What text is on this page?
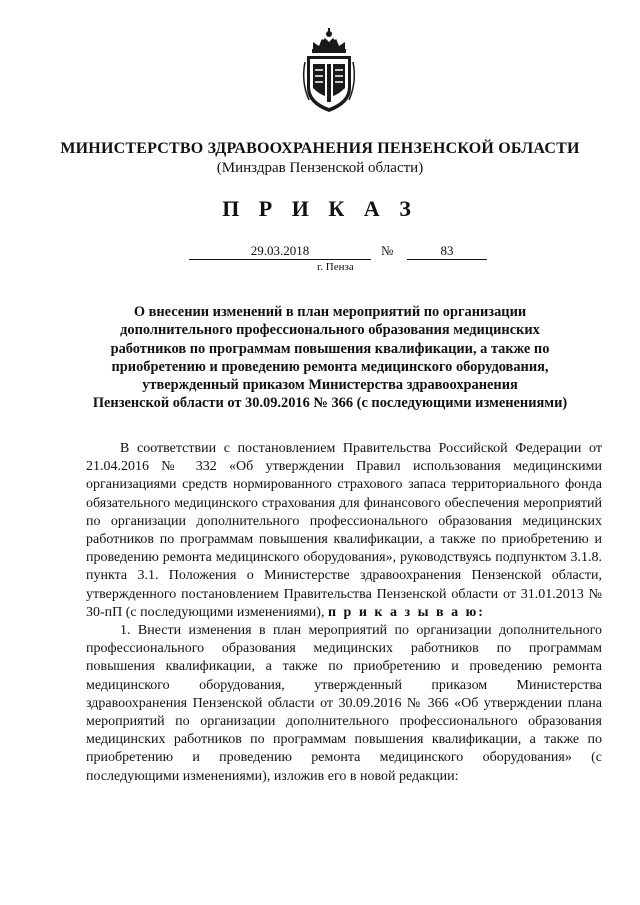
МИНИСТЕРСТВО ЗДРАВООХРАНЕНИЯ ПЕНЗЕНСКОЙ ОБЛАСТИ
(Минздрав Пензенской области)
П Р И К А З
29.03.2018	№	83
г. Пенза
О внесении изменений в план мероприятий по организации
дополнительного профессионального образования медицинских
работников по программам повышения квалификации, а также по
приобретению и проведению ремонта медицинского оборудования,
утвержденный приказом Министерства здравоохранения
Пензенской области от 30.09.2016 № 366 (с последующими изменениями)

В соответствии с постановлением Правительства Российской Федерации от 21.04.2016 № 332 «Об утверждении Правил использования медицинскими организациями средств нормированного страхового запаса территориального фонда обязательного медицинского страхования для финансового обеспечения мероприятий по организации дополнительного профессионального образования медицинских работников по программам повышения квалификации, а также по приобретению и проведению ремонта медицинского оборудования», руководствуясь подпунктом 3.1.8. пункта 3.1. Положения о Министерстве здравоохранения Пензенской области, утвержденного постановлением Правительства Пензенской области от 31.01.2013 № 30-пП (с последующими изменениями), п р и к а з ы в а ю:

1. Внести изменения в план мероприятий по организации дополнительного профессионального образования медицинских работников по программам повышения квалификации, а также по приобретению и проведению ремонта медицинского оборудования, утвержденный приказом Министерства здравоохранения Пензенской области от 30.09.2016 № 366 «Об утверждении плана мероприятий по организации дополнительного профессионального образования медицинских работников по программам повышения квалификации, а также по приобретению и проведению ремонта медицинского оборудования» (с последующими изменениями), изложив его в новой редакции:
